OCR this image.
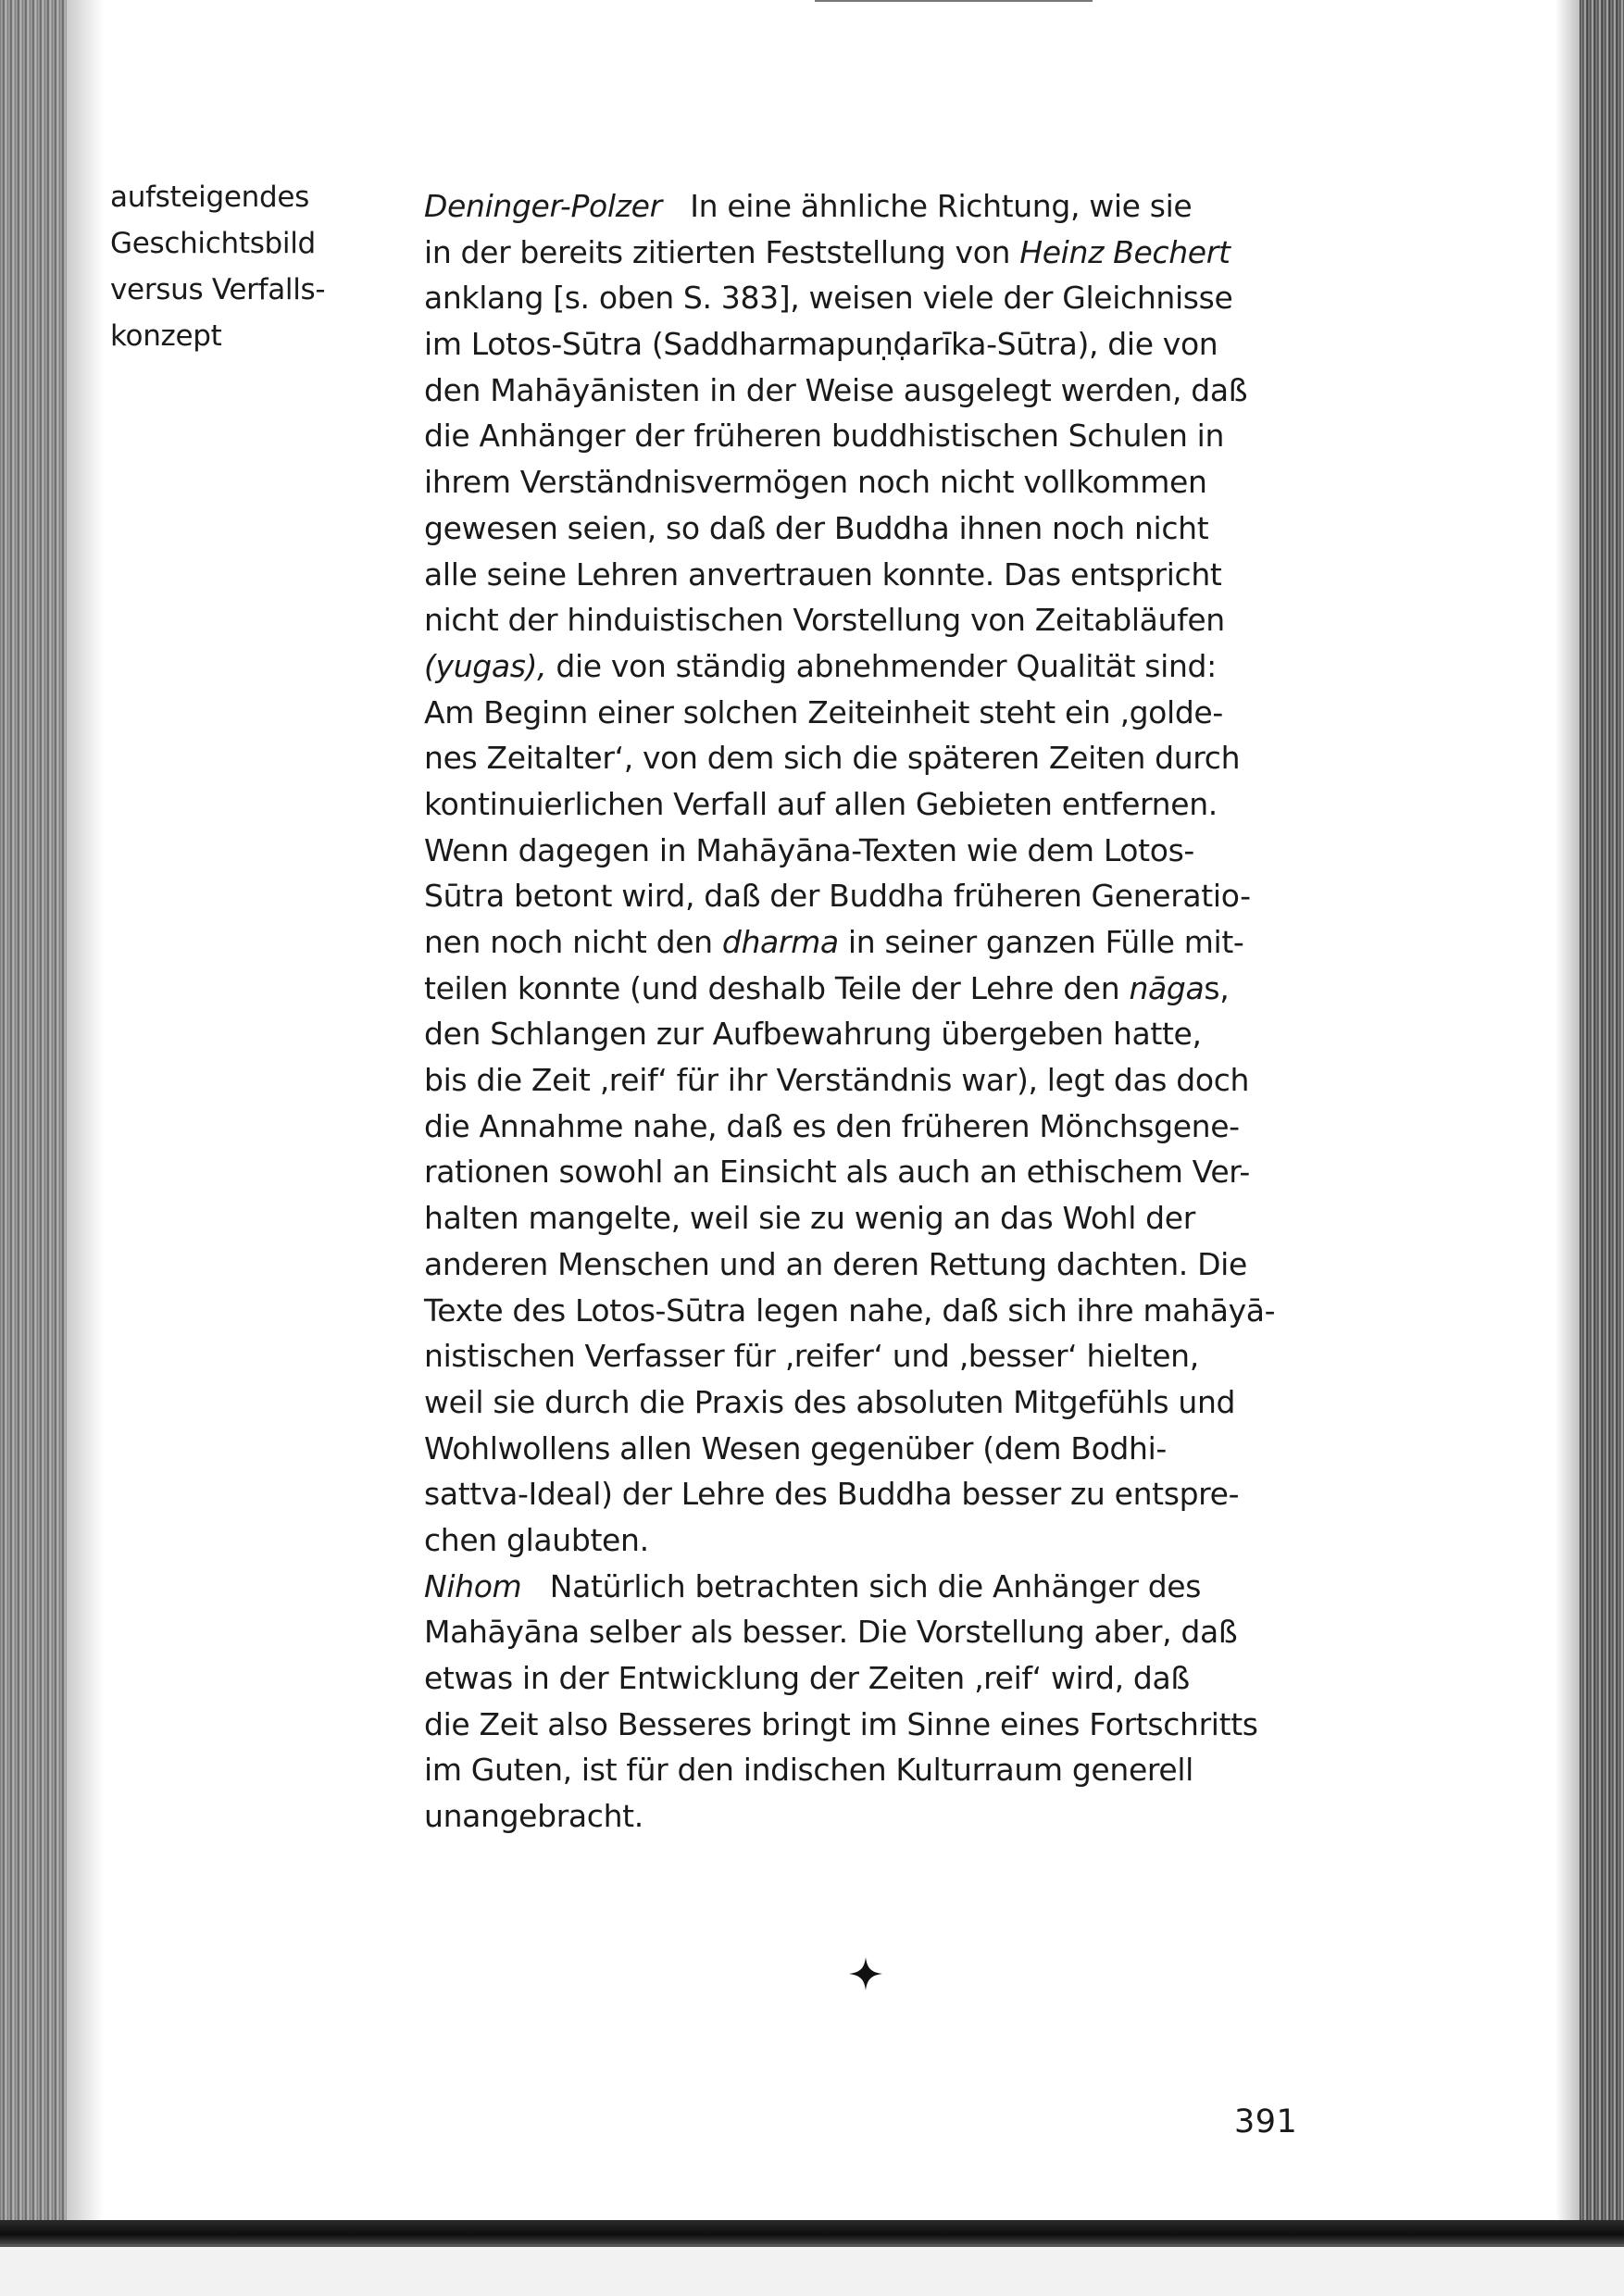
aufsteigendes
Geschichtsbild
versus Verfalls-
konzept
Deninger-Polzer In eine ähnliche Richtung, wie sie
in der bereits zitierten Feststellung von Heinz Bechert
anklang [s. oben S. 383], weisen viele der Gleichnisse
im Lotos-Sūtra (Saddharmapuṇḍarīka-Sūtra), die von
den Mahāyānisten in der Weise ausgelegt werden, daß
die Anhänger der früheren buddhistischen Schulen in
ihrem Verständnisvermögen noch nicht vollkommen
gewesen seien, so daß der Buddha ihnen noch nicht
alle seine Lehren anvertrauen konnte. Das entspricht
nicht der hinduistischen Vorstellung von Zeitabläufen
(yugas), die von ständig abnehmender Qualität sind:
Am Beginn einer solchen Zeiteinheit steht ein ‚golde-
nes Zeitalter‘, von dem sich die späteren Zeiten durch
kontinuierlichen Verfall auf allen Gebieten entfernen.
Wenn dagegen in Mahāyāna-Texten wie dem Lotos-
Sūtra betont wird, daß der Buddha früheren Generatio-
nen noch nicht den dharma in seiner ganzen Fülle mit-
teilen konnte (und deshalb Teile der Lehre den nāgas,
den Schlangen zur Aufbewahrung übergeben hatte,
bis die Zeit ‚reif‘ für ihr Verständnis war), legt das doch
die Annahme nahe, daß es den früheren Mönchsgene-
rationen sowohl an Einsicht als auch an ethischem Ver-
halten mangelte, weil sie zu wenig an das Wohl der
anderen Menschen und an deren Rettung dachten. Die
Texte des Lotos-Sūtra legen nahe, daß sich ihre mahāyā-
nistischen Verfasser für ‚reifer‘ und ‚besser‘ hielten,
weil sie durch die Praxis des absoluten Mitgefühls und
Wohlwollens allen Wesen gegenüber (dem Bodhi-
sattva-Ideal) der Lehre des Buddha besser zu entspre-
chen glaubten.
Nihom Natürlich betrachten sich die Anhänger des
Mahāyāna selber als besser. Die Vorstellung aber, daß
etwas in der Entwicklung der Zeiten ‚reif‘ wird, daß
die Zeit also Besseres bringt im Sinne eines Fortschritts
im Guten, ist für den indischen Kulturraum generell
unangebracht.
391
